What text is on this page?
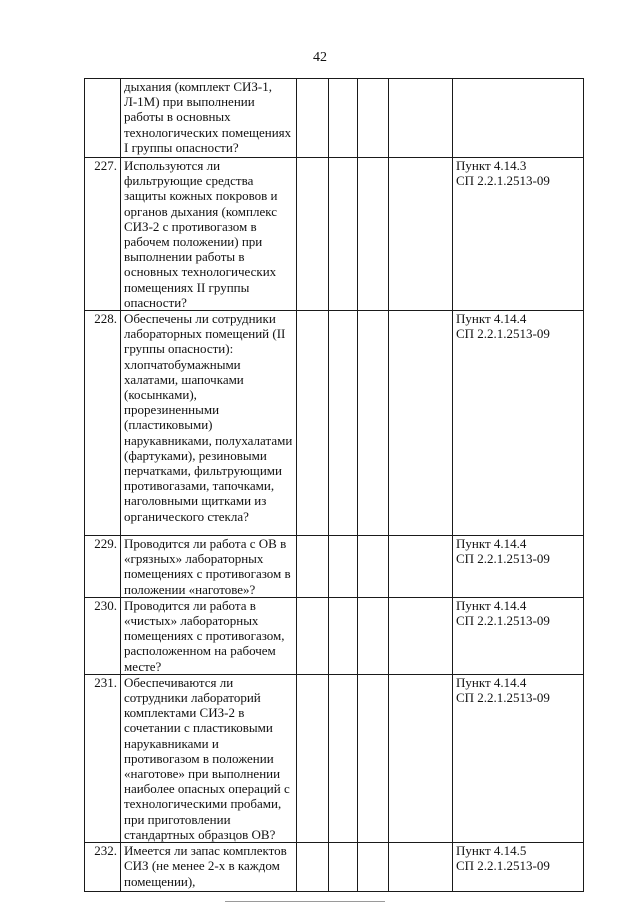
42
	дыхания (комплект СИЗ-1, Л-1М) при выполнении работы в основных технологических помещениях I группы опасности?					

227.	Используются ли фильтрующие средства защиты кожных покровов и органов дыхания (комплекс СИЗ-2 с противогазом в рабочем положении) при выполнении работы в основных технологических помещениях II группы опасности?					Пункт 4.14.3
СП 2.2.1.2513-09

228.	Обеспечены ли сотрудники лабораторных помещений (II группы опасности): хлопчатобумажными халатами, шапочками (косынками), прорезиненными (пластиковыми) нарукавниками, полухалатами (фартуками), резиновыми перчатками, фильтрующими противогазами, тапочками, наголовными щитками из органического стекла?					Пункт 4.14.4
СП 2.2.1.2513-09

229.	Проводится ли работа с ОВ в «грязных» лабораторных помещениях с противогазом в положении «наготове»?					Пункт 4.14.4
СП 2.2.1.2513-09

230.	Проводится ли работа в «чистых» лабораторных помещениях с противогазом, расположенном на рабочем месте?					Пункт 4.14.4
СП 2.2.1.2513-09

231.	Обеспечиваются ли сотрудники лабораторий комплектами СИЗ-2 в сочетании с пластиковыми нарукавниками и противогазом в положении «наготове» при выполнении наиболее опасных операций с технологическими пробами, при приготовлении стандартных образцов ОВ?					Пункт 4.14.4
СП 2.2.1.2513-09

232.	Имеется ли запас комплектов СИЗ (не менее 2-х в каждом помещении),					Пункт 4.14.5
СП 2.2.1.2513-09
